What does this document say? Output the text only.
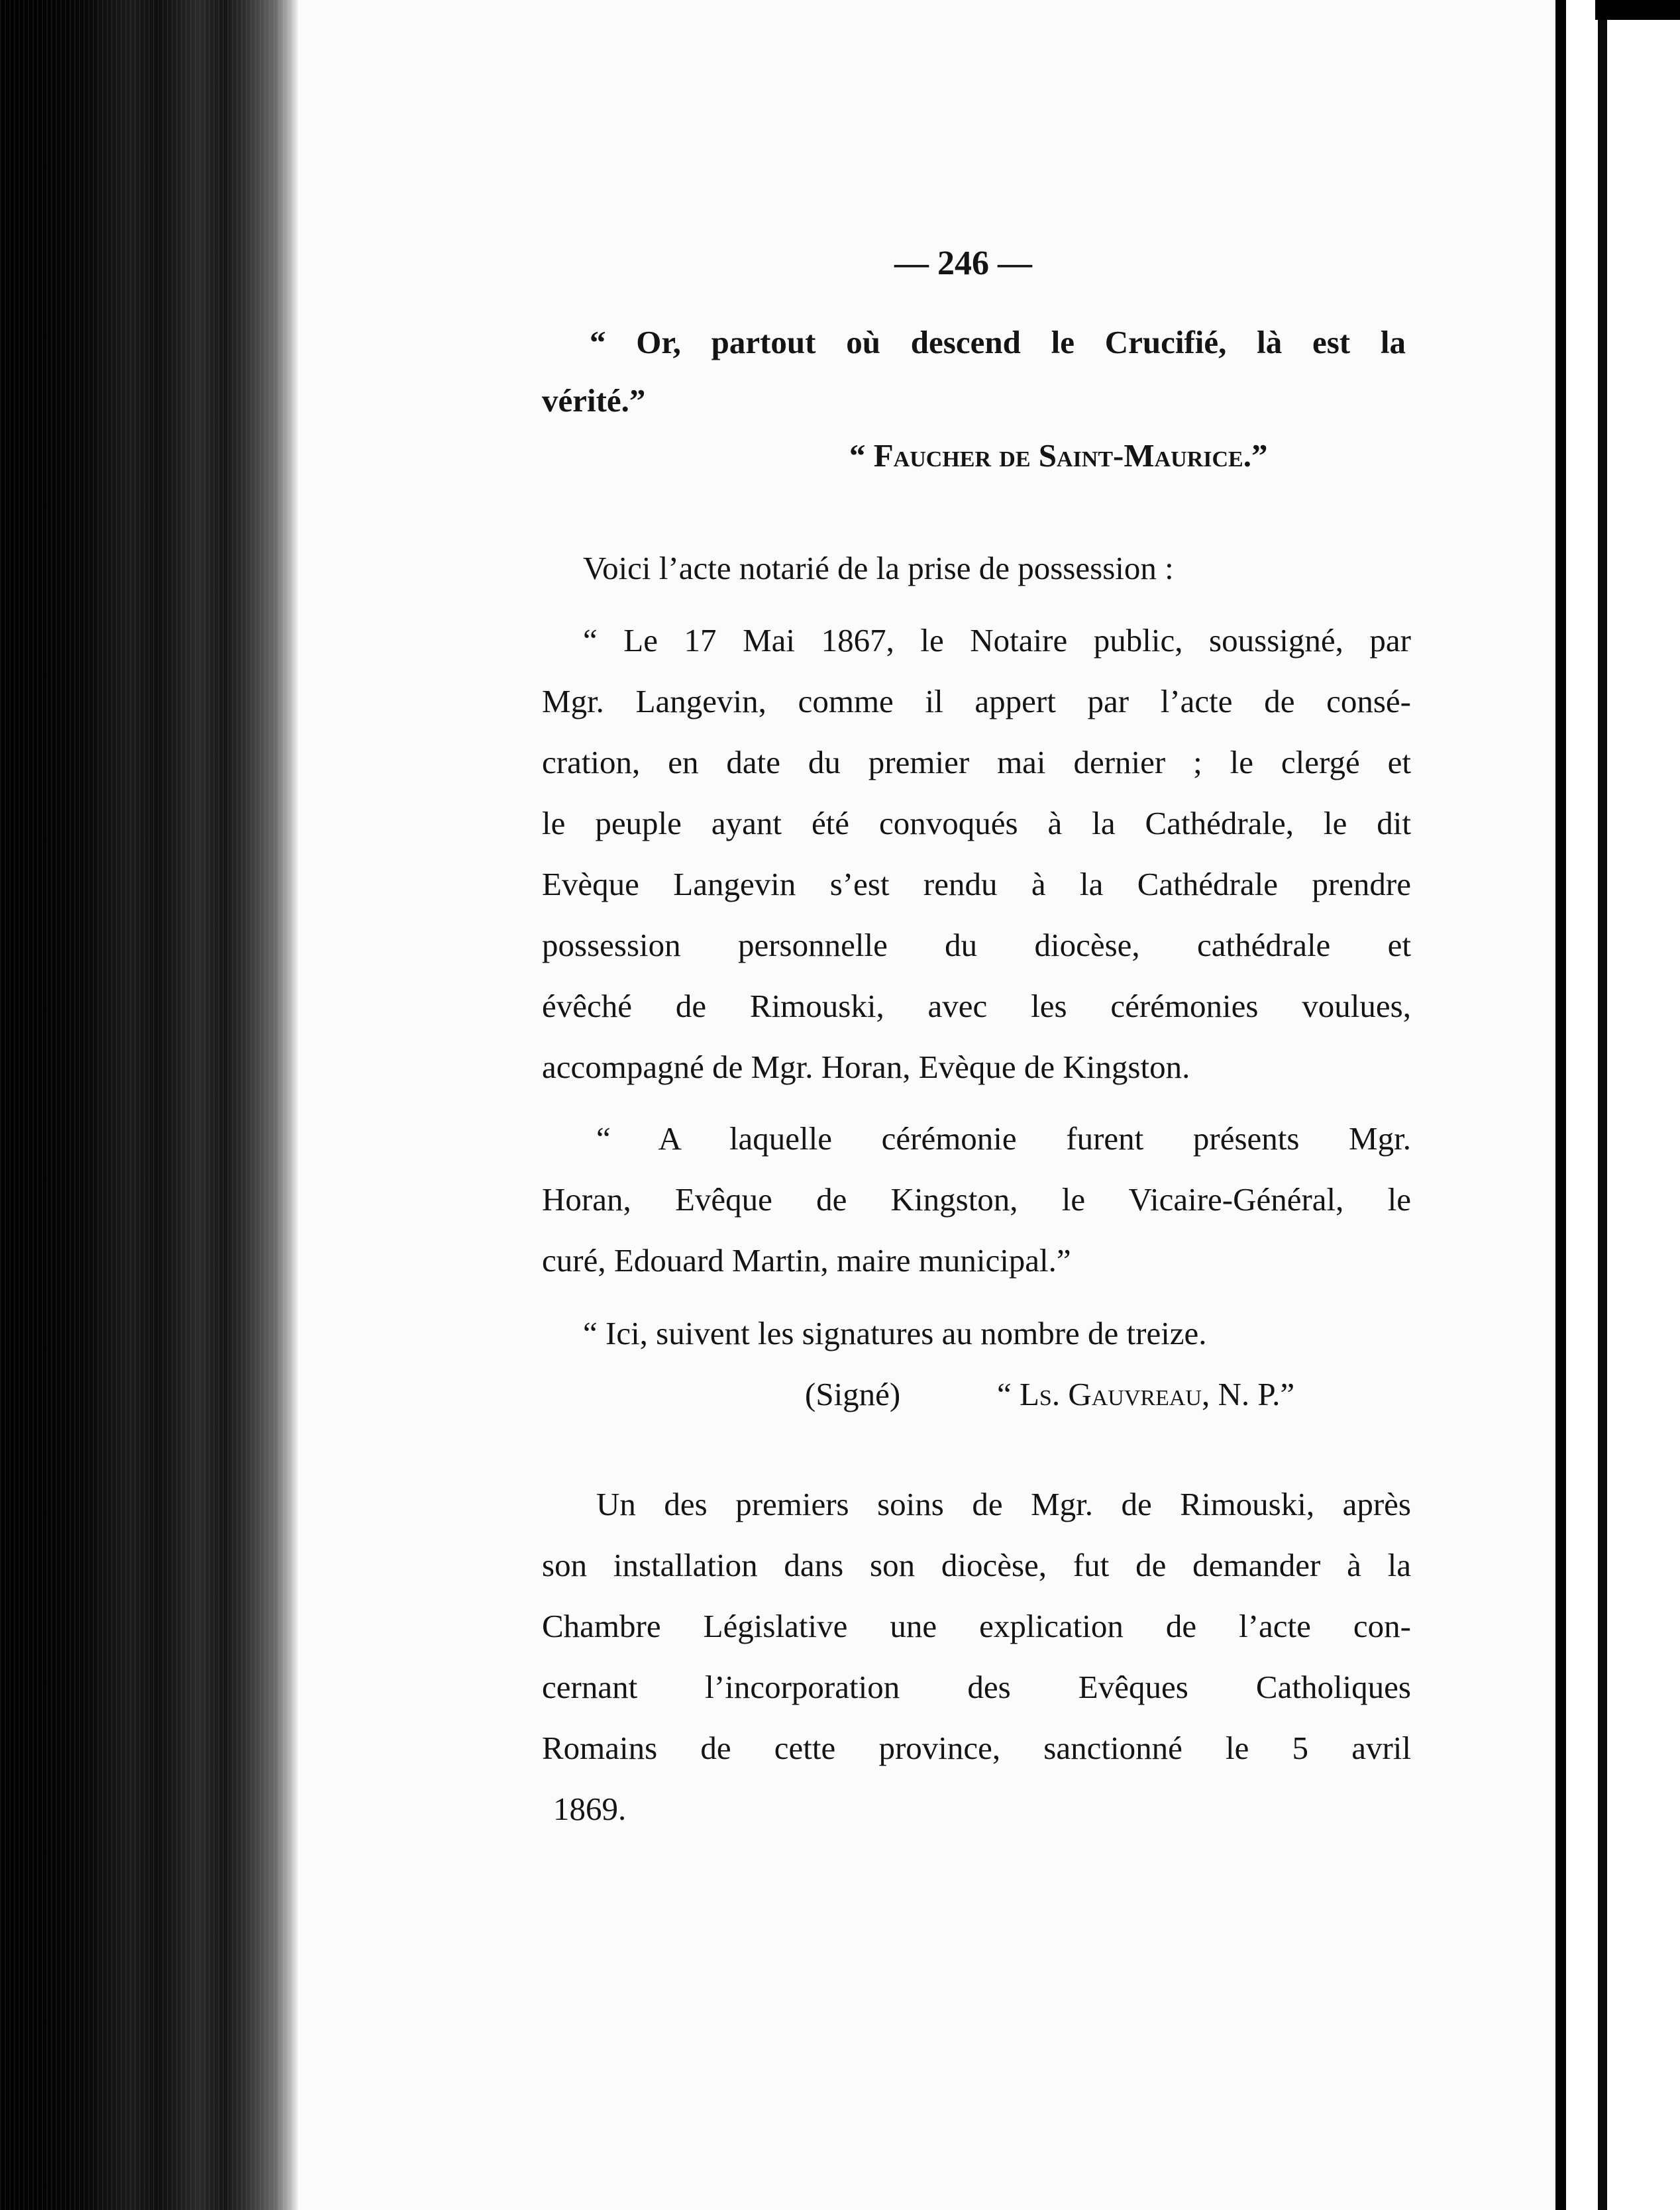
— 246 —
“ Or, partout où descend le Crucifié, là est la
vérité.”
“ Faucher de Saint-Maurice.”
Voici l’acte notarié de la prise de possession :
“ Le 17 Mai 1867, le Notaire public, soussigné, par
Mgr. Langevin, comme il appert par l’acte de consé-
cration, en date du premier mai dernier ; le clergé et
le peuple ayant été convoqués à la Cathédrale, le dit
Evèque Langevin s’est rendu à la Cathédrale prendre
possession personnelle du diocèse, cathédrale et
évêché de Rimouski, avec les cérémonies voulues,
accompagné de Mgr. Horan, Evèque de Kingston.
“ A laquelle cérémonie furent présents Mgr.
Horan, Evêque de Kingston, le Vicaire-Général, le
curé, Edouard Martin, maire municipal.”
“ Ici, suivent les signatures au nombre de treize.
(Signé)	“ Ls. Gauvreau, N. P.”
Un des premiers soins de Mgr. de Rimouski, après
son installation dans son diocèse, fut de demander à la
Chambre Législative une explication de l’acte con-
cernant l’incorporation des Evêques Catholiques
Romains de cette province, sanctionné le 5 avril
1869.
